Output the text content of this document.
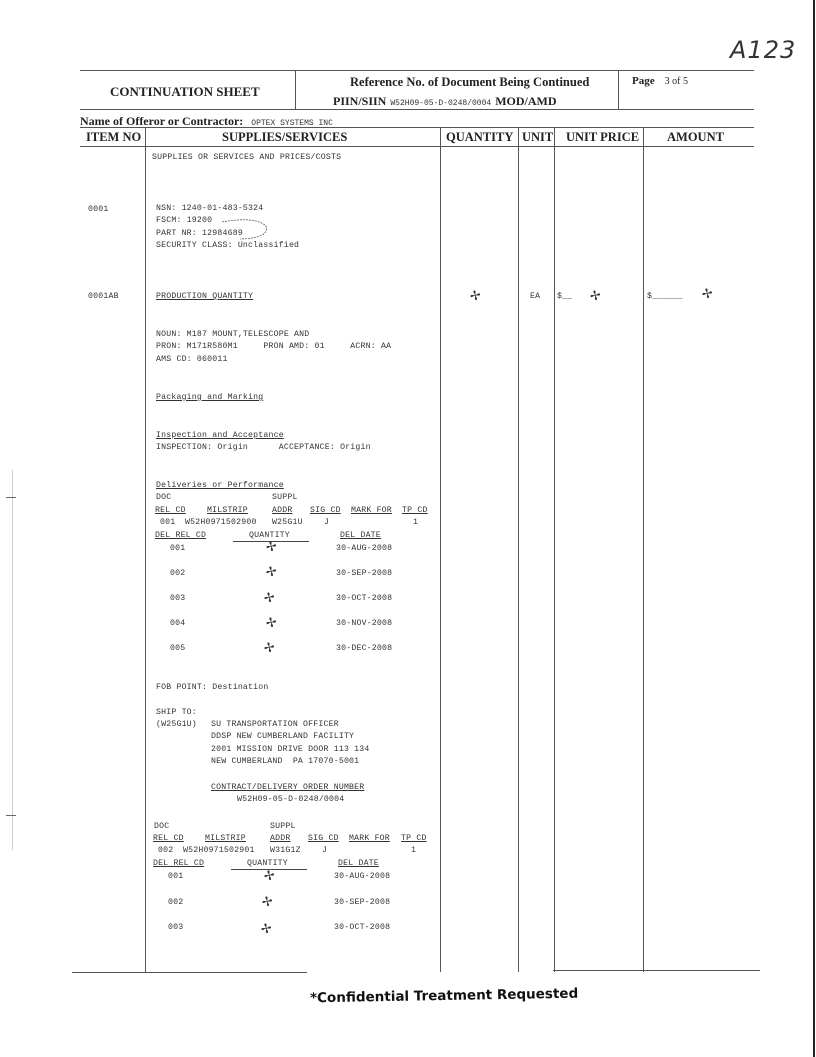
A123
CONTINUATION SHEET
Reference No. of Document Being Continued
PIIN/SIIN W52H09-05-D-0248/0004 MOD/AMD
Page 3 of 5
Name of Offeror or Contractor: OPTEX SYSTEMS INC
ITEM NO	SUPPLIES/SERVICES	QUANTITY UNIT UNIT PRICE AMOUNT
SUPPLIES OR SERVICES AND PRICES/COSTS
0001	NSN: 1240-01-483-5324
FSCM: 19200
PART NR: 12984689
SECURITY CLASS: Unclassified
0001AB	PRODUCTION QUANTITY	✢	EA $__ ✢	$______ ✢
NOUN: M187 MOUNT,TELESCOPE AND
PRON: M171R580M1     PRON AMD: 01     ACRN: AA
AMS CD: 060011
Packaging and Marking
Inspection and Acceptance
INSPECTION: Origin      ACCEPTANCE: Origin
Deliveries or Performance
DOC	SUPPL
REL CD	MILSTRIP	ADDR SIG CD MARK FOR TP CD
001 W52H0971502900 W25G1U	J	1
DEL REL CD	QUANTITY	DEL DATE
001	✢	30-AUG-2008
002	✢	30-SEP-2008
003	✢	30-OCT-2008
004	✢	30-NOV-2008
005	✢	30-DEC-2008
FOB POINT: Destination
SHIP TO:
(W25G1U) SU TRANSPORTATION OFFICER
DDSP NEW CUMBERLAND FACILITY
2001 MISSION DRIVE DOOR 113 134
NEW CUMBERLAND  PA 17070-5001
CONTRACT/DELIVERY ORDER NUMBER
W52H09-05-D-0248/0004
DOC	SUPPL
REL CD	MILSTRIP	ADDR SIG CD MARK FOR TP CD
002 W52H0971502901 W31G1Z	J	1
DEL REL CD	QUANTITY	DEL DATE
001	✢	30-AUG-2008
002	✢	30-SEP-2008
003	✢	30-OCT-2008
*Confidential Treatment Requested
